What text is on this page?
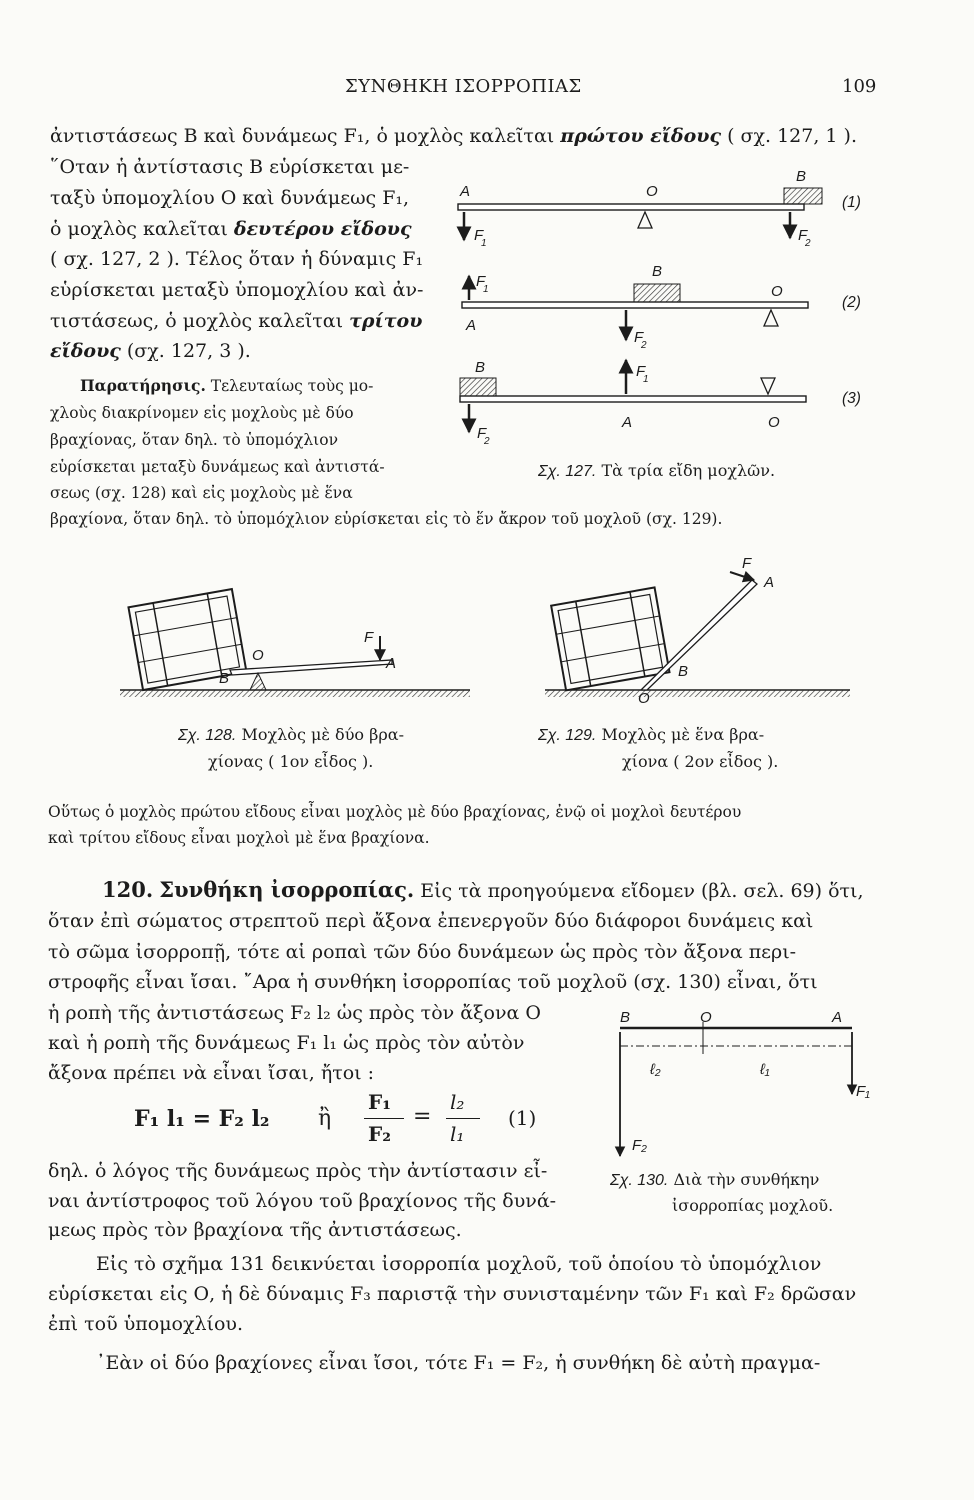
ΣΥΝΘΗΚΗ ΙΣΟΡΡΟΠΙΑΣ	109
ἀντιστάσεως Β καὶ δυνάμεως F₁, ὁ μοχλὸς καλεῖται πρώτου εἴδους ( σχ. 127, 1 ).
῞Οταν ἡ ἀντίστασις Β εὑρίσκεται με-
ταξὺ ὑπομοχλίου Ο καὶ δυνάμεως F₁,
ὁ μοχλὸς καλεῖται δευτέρου εἴδους
( σχ. 127, 2 ). Τέλος ὅταν ἡ δύναμις F₁
εὑρίσκεται μεταξὺ ὑπομοχλίου καὶ ἀν-
τιστάσεως, ὁ μοχλὸς καλεῖται τρίτου
εἴδους (σχ. 127, 3 ).
Παρατήρησις. Τελευταίως τοὺς μο-
χλοὺς διακρίνομεν εἰς μοχλοὺς μὲ δύο
βραχίονας, ὅταν δηλ. τὸ ὑπομόχλιον
εὑρίσκεται μεταξὺ δυνάμεως καὶ ἀντιστά-
σεως (σχ. 128) καὶ εἰς μοχλοὺς μὲ ἕνα
βραχίονα, ὅταν δηλ. τὸ ὑπομόχλιον εὑρίσκεται εἰς τὸ ἕν ἄκρον τοῦ μοχλοῦ (σχ. 129).
A	O
B
F
1	F
2
A
B
O
F
1
F
2
B
A	O
F
1
F
2
F
A
O
B
F
A
B
O
B	O	A
ℓ₂	ℓ₁
F₁
F₂
(1)
(2)
(3)
Σχ. 127. Τὰ τρία εἴδη μοχλῶν.
Σχ. 128. Μοχλὸς μὲ δύο βρα-
χίονας ( 1ον εἶδος ).
Σχ. 129. Μοχλὸς μὲ ἕνα βρα-
χίονα ( 2ον εἶδος ).
Οὕτως ὁ μοχλὸς πρώτου εἴδους εἶναι μοχλὸς μὲ δύο βραχίονας, ἐνῷ οἱ μοχλοὶ δευτέρου
καὶ τρίτου εἴδους εἶναι μοχλοὶ μὲ ἕνα βραχίονα.
120. Συνθήκη ἰσορροπίας. Εἰς τὰ προηγούμενα εἴδομεν (βλ. σελ. 69) ὅτι,
ὅταν ἐπὶ σώματος στρεπτοῦ περὶ ἄξονα ἐπενεργοῦν δύο διάφοροι δυνάμεις καὶ
τὸ σῶμα ἰσορροπῇ, τότε αἱ ροπαὶ τῶν δύο δυνάμεων ὡς πρὸς τὸν ἄξονα περι-
στροφῆς εἶναι ἴσαι. ῎Αρα ἡ συνθήκη ἰσορροπίας τοῦ μοχλοῦ (σχ. 130) εἶναι, ὅτι
ἡ ροπὴ τῆς ἀντιστάσεως F₂ l₂ ὡς πρὸς τὸν ἄξονα Ο
καὶ ἡ ροπὴ τῆς δυνάμεως F₁ l₁ ὡς πρὸς τὸν αὐτὸν
ἄξονα πρέπει νὰ εἶναι ἴσαι, ἤτοι :
F₁ l₁ = F₂ l₂ ἢ
F₁
F₂
=
l₂
l₁
(1)
δηλ. ὁ λόγος τῆς δυνάμεως πρὸς τὴν ἀντίστασιν εἶ-
ναι ἀντίστροφος τοῦ λόγου τοῦ βραχίονος τῆς δυνά-
μεως πρὸς τὸν βραχίονα τῆς ἀντιστάσεως.
Σχ. 130. Διὰ τὴν συνθήκην
ἰσορροπίας μοχλοῦ.
Εἰς τὸ σχῆμα 131 δεικνύεται ἰσορροπία μοχλοῦ, τοῦ ὁποίου τὸ ὑπομόχλιον
εὑρίσκεται εἰς Ο, ἡ δὲ δύναμις F₃ παριστᾷ τὴν συνισταμένην τῶν F₁ καὶ F₂ δρῶσαν
ἐπὶ τοῦ ὑπομοχλίου.
᾿Εὰν οἱ δύο βραχίονες εἶναι ἴσοι, τότε F₁ = F₂, ἡ συνθήκη δὲ αὐτὴ πραγμα-
